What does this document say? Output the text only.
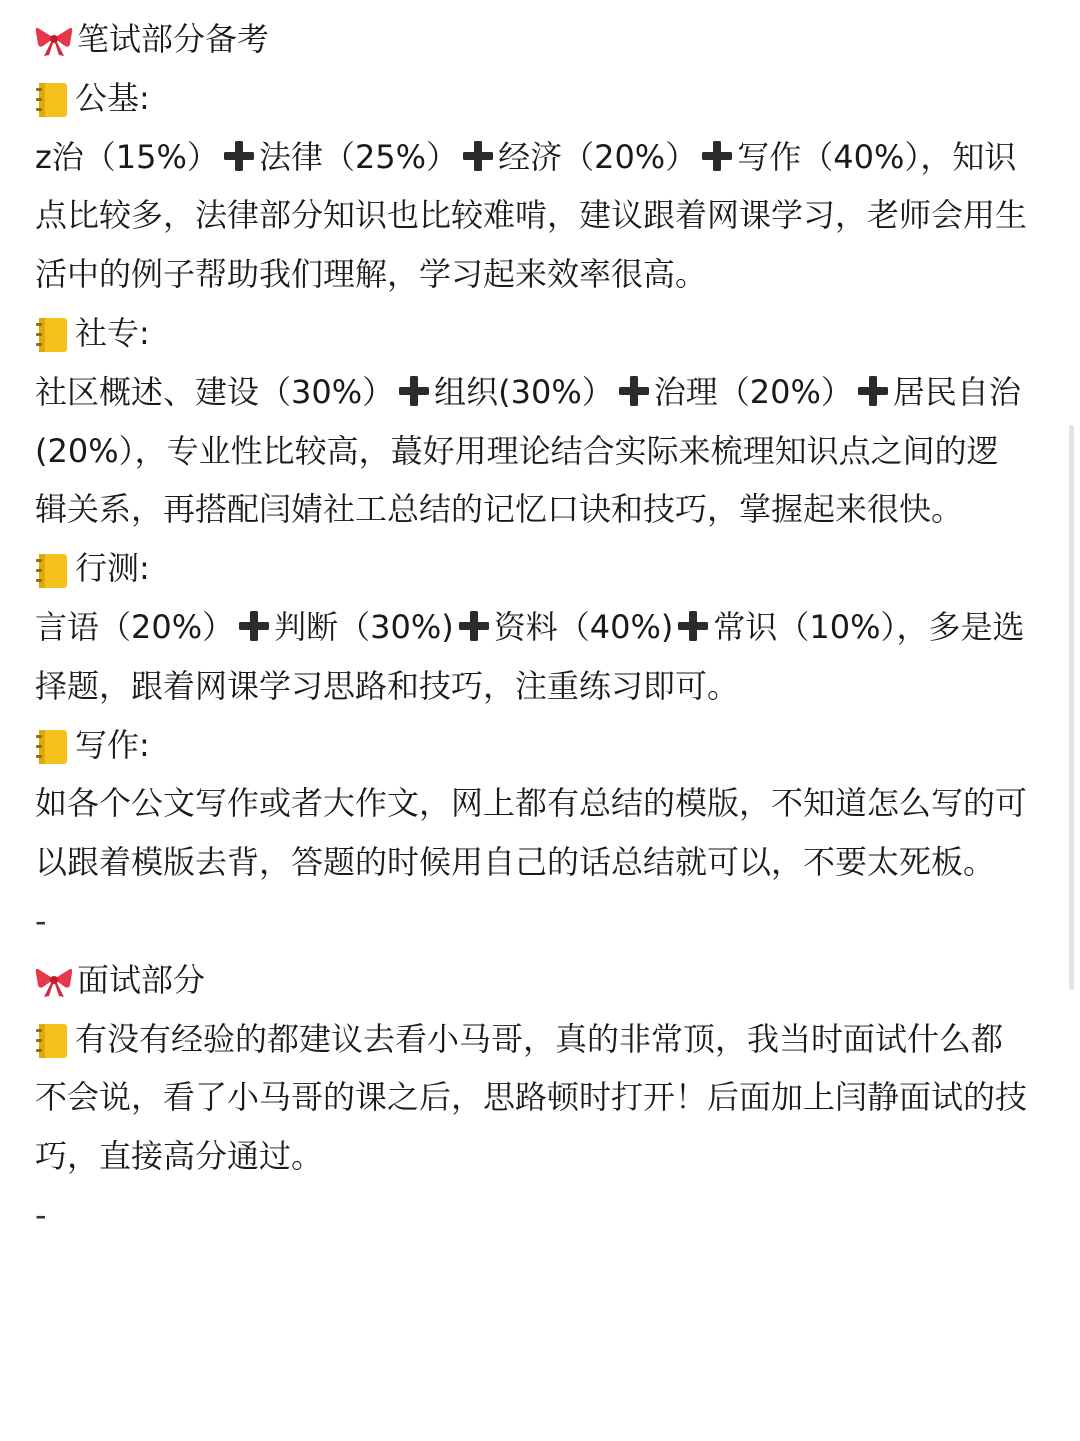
笔试部分备考
公基:
z治（15%） 法律（25%） 经济（20%） 写作（40%），知识
点比较多，法律部分知识也比较难啃，建议跟着网课学习，老师会用生
活中的例子帮助我们理解，学习起来效率很高。
社专:
社区概述、建设（30%） 组织(30%） 治理（20%） 居民自治
(20%），专业性比较高，蕞好用理论结合实际来梳理知识点之间的逻
辑关系，再搭配闫婧社工总结的记忆口诀和技巧，掌握起来很快。
行测:
言语（20%） 判断（30%) 资料（40%) 常识（10%），多是选
择题，跟着网课学习思路和技巧，注重练习即可。
写作:
如各个公文写作或者大作文，网上都有总结的模版，不知道怎么写的可
以跟着模版去背，答题的时候用自己的话总结就可以，不要太死板。
-
面试部分
有没有经验的都建议去看小马哥，真的非常顶，我当时面试什么都
不会说，看了小马哥的课之后，思路顿时打开！后面加上闫静面试的技
巧，直接高分通过。
-
